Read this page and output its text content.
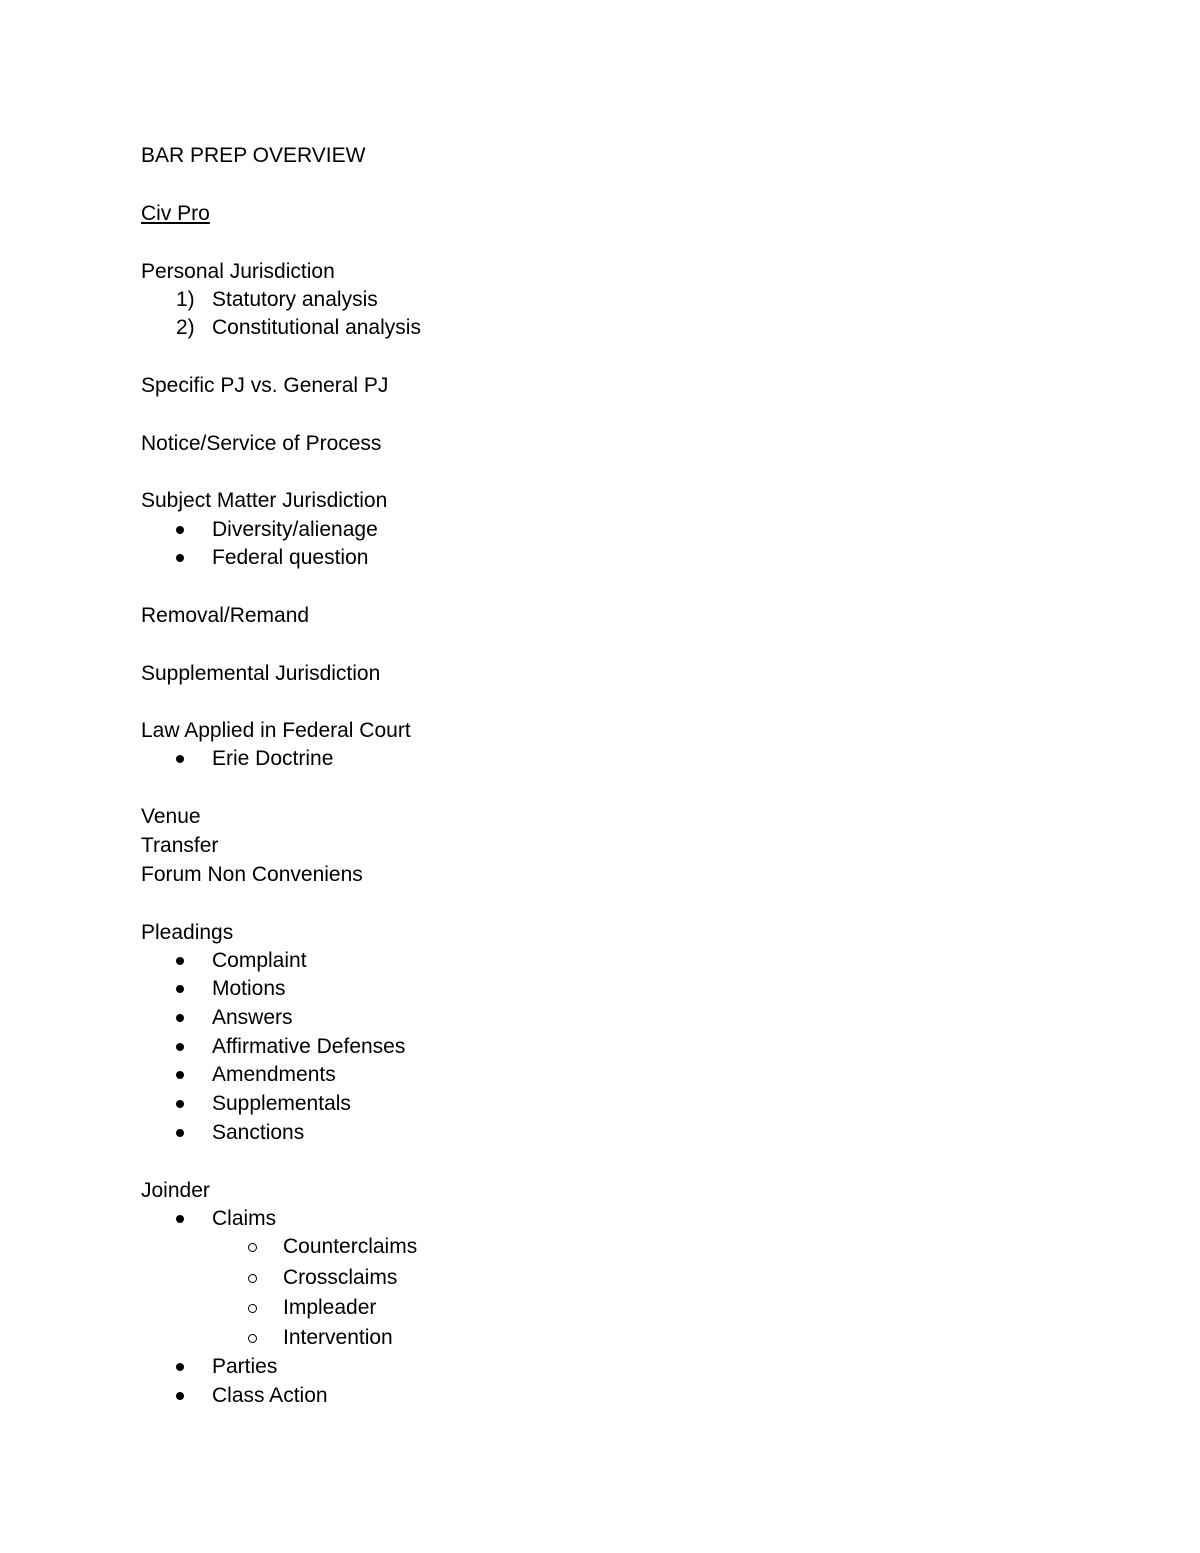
BAR PREP OVERVIEW
Civ Pro
Personal Jurisdiction
1) Statutory analysis
2) Constitutional analysis
Specific PJ vs. General PJ
Notice/Service of Process
Subject Matter Jurisdiction
Diversity/alienage
Federal question
Removal/Remand
Supplemental Jurisdiction
Law Applied in Federal Court
Erie Doctrine
Venue
Transfer
Forum Non Conveniens
Pleadings
Complaint
Motions
Answers
Affirmative Defenses
Amendments
Supplementals
Sanctions
Joinder
Claims
Counterclaims
Crossclaims
Impleader
Intervention
Parties
Class Action
